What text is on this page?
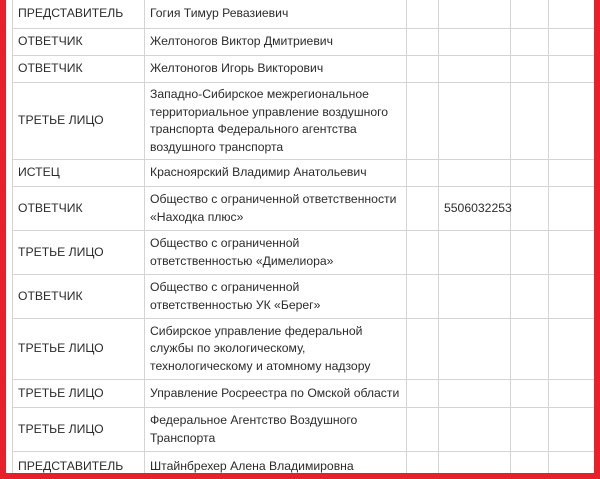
ПРЕДСТАВИТЕЛЬ	Гогия Тимур Ревазиевич				
ОТВЕТЧИК	Желтоногов Виктор Дмитриевич				
ОТВЕТЧИК	Желтоногов Игорь Викторович				
ТРЕТЬЕ ЛИЦО	Западно-Сибирское межрегиональное территориальное управление воздушного транспорта Федерального агентства воздушного транспорта				
ИСТЕЦ	Красноярский Владимир Анатольевич				
ОТВЕТЧИК	Общество с ограниченной ответственности «Находка плюс»		5506032253		
ТРЕТЬЕ ЛИЦО	Общество с ограниченной ответственностью «Димелиора»				
ОТВЕТЧИК	Общество с ограниченной ответственностью УК «Берег»				
ТРЕТЬЕ ЛИЦО	Сибирское управление федеральной службы по экологическому, технологическому и атомному надзору				
ТРЕТЬЕ ЛИЦО	Управление Росреестра по Омской области				
ТРЕТЬЕ ЛИЦО	Федеральное Агентство Воздушного Транспорта				
ПРЕДСТАВИТЕЛЬ	Штайнбрехер Алена Владимировна				
